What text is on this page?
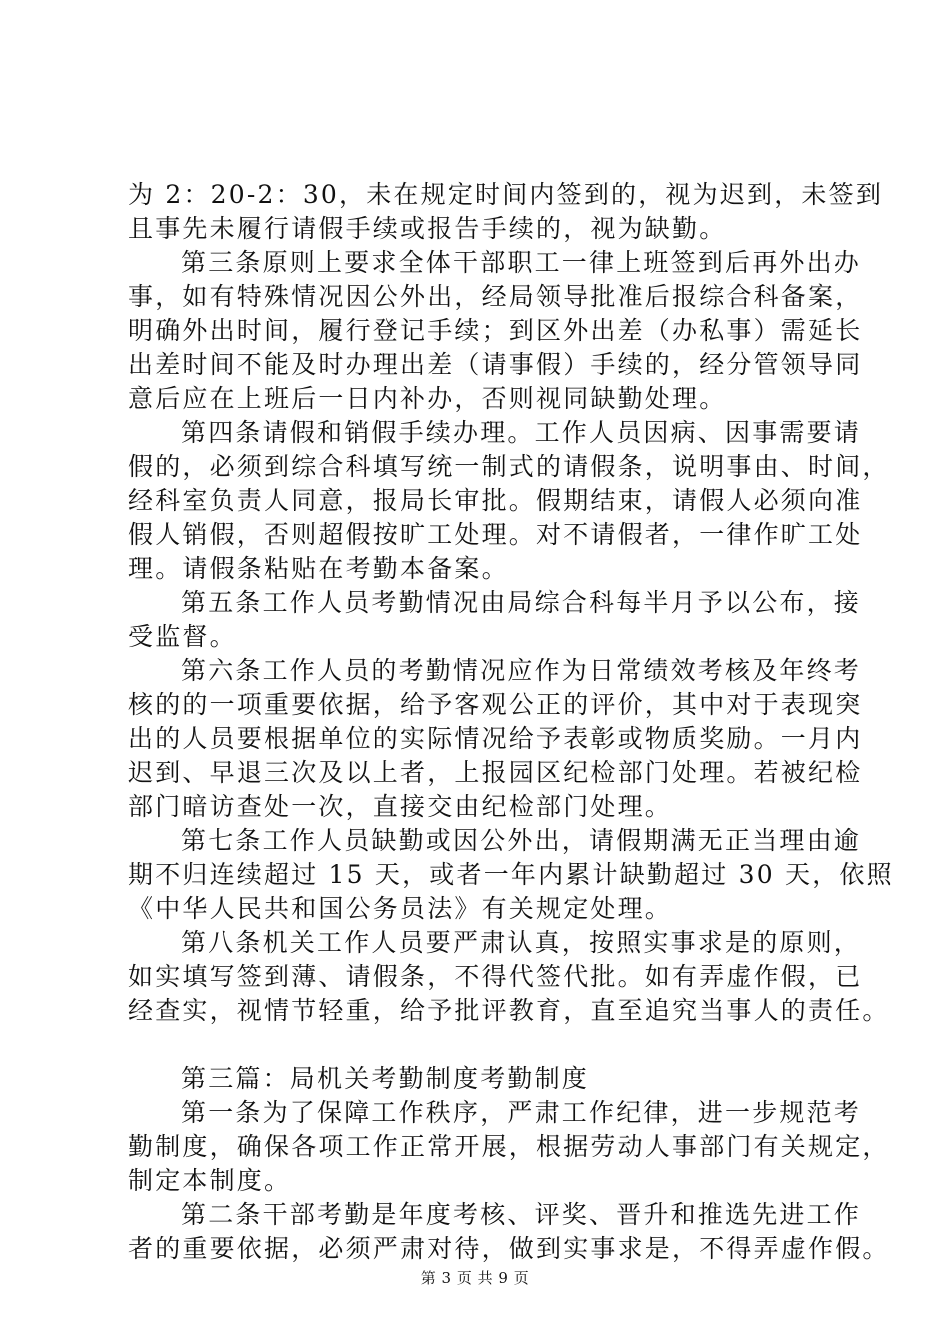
为 2：20-2：30，未在规定时间内签到的，视为迟到，未签到
且事先未履行请假手续或报告手续的，视为缺勤。
第三条原则上要求全体干部职工一律上班签到后再外出办
事，如有特殊情况因公外出，经局领导批准后报综合科备案，
明确外出时间，履行登记手续；到区外出差（办私事）需延长
出差时间不能及时办理出差（请事假）手续的，经分管领导同
意后应在上班后一日内补办，否则视同缺勤处理。
第四条请假和销假手续办理。工作人员因病、因事需要请
假的，必须到综合科填写统一制式的请假条，说明事由、时间，
经科室负责人同意，报局长审批。假期结束，请假人必须向准
假人销假，否则超假按旷工处理。对不请假者，一律作旷工处
理。请假条粘贴在考勤本备案。
第五条工作人员考勤情况由局综合科每半月予以公布，接
受监督。
第六条工作人员的考勤情况应作为日常绩效考核及年终考
核的的一项重要依据，给予客观公正的评价，其中对于表现突
出的人员要根据单位的实际情况给予表彰或物质奖励。一月内
迟到、早退三次及以上者，上报园区纪检部门处理。若被纪检
部门暗访查处一次，直接交由纪检部门处理。
第七条工作人员缺勤或因公外出，请假期满无正当理由逾
期不归连续超过 15 天，或者一年内累计缺勤超过 30 天，依照
《中华人民共和国公务员法》有关规定处理。
第八条机关工作人员要严肃认真，按照实事求是的原则，
如实填写签到薄、请假条，不得代签代批。如有弄虚作假，已
经查实，视情节轻重，给予批评教育，直至追究当事人的责任。
第三篇：局机关考勤制度考勤制度
第一条为了保障工作秩序，严肃工作纪律，进一步规范考
勤制度，确保各项工作正常开展，根据劳动人事部门有关规定，
制定本制度。
第二条干部考勤是年度考核、评奖、晋升和推选先进工作
者的重要依据，必须严肃对待，做到实事求是，不得弄虚作假。
第 3 页 共 9 页
